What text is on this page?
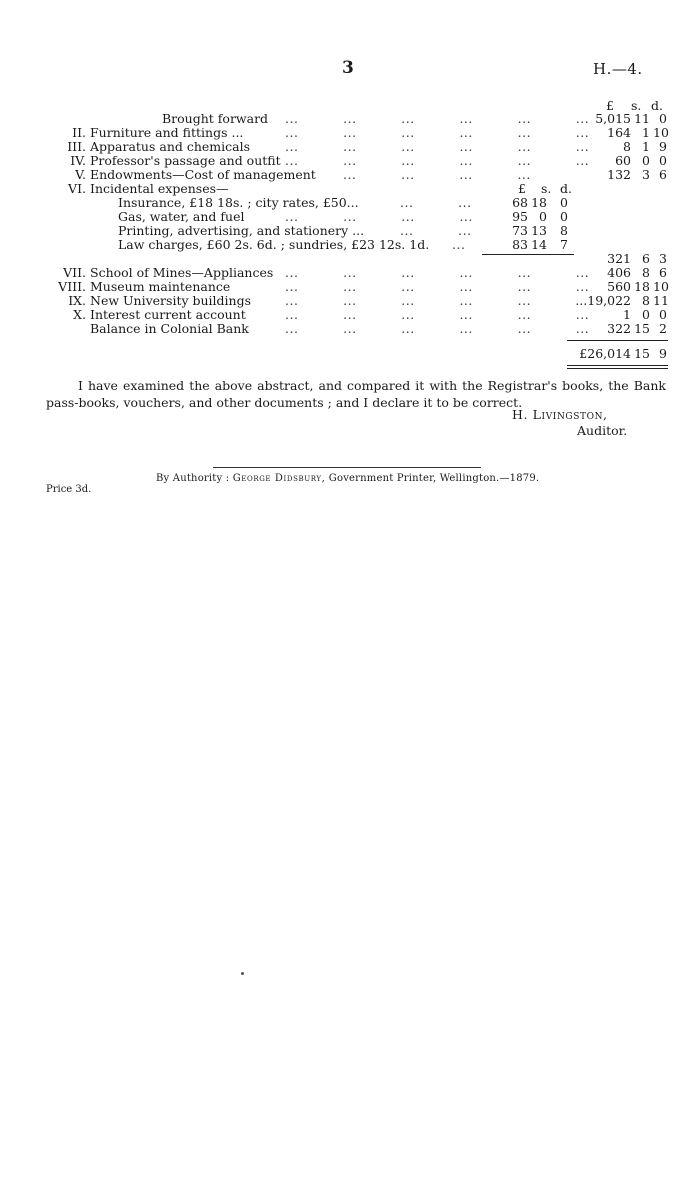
3	H.—4.
£ s. d.
Brought forward ...          ...          ...          ...          ...          ... 5,015 11 0
II. Furniture and fittings ...	...          ...          ...          ...          ...          ...	164 1 10
III. Apparatus and chemicals	...          ...          ...          ...          ...          ...	8 1 9
IV. Professor's passage and outfit ...          ...          ...          ...          ...          ...	60 0 0
V. Endowments—Cost of management ...          ...          ...          ...	132 3 6
VI. Incidental expenses—	£ s. d.
Insurance, £18 18s. ; city rates, £50...	...          ...	68 18	0
Gas, water, and fuel	...          ...          ...          ...	95 0	0
Printing, advertising, and stationery ...	...          ...	73 13	8
Law charges, £60 2s. 6d. ; sundries, £23 12s. 1d. ...	83 14	7
321 6 3
VII. School of Mines—Appliances ...          ...          ...          ...          ...          ...	406 8 6
VIII. Museum maintenance	...          ...          ...          ...          ...          ...	560 18 10
IX. New University buildings	...          ...          ...          ...          ...	...19,022 8 11
X. Interest current account	...          ...          ...          ...          ...          ...	1 0 0
Balance in Colonial Bank	...          ...          ...          ...          ...          ...	322 15 2
£26,014 15 9

I have examined the above abstract, and compared it with the Registrar's books, the Bank pass-books, vouchers, and other documents ; and I declare it to be correct.

H. Livingston,
Auditor.
By Authority : George Didsbury, Government Printer, Wellington.—1879.
Price 3d.
